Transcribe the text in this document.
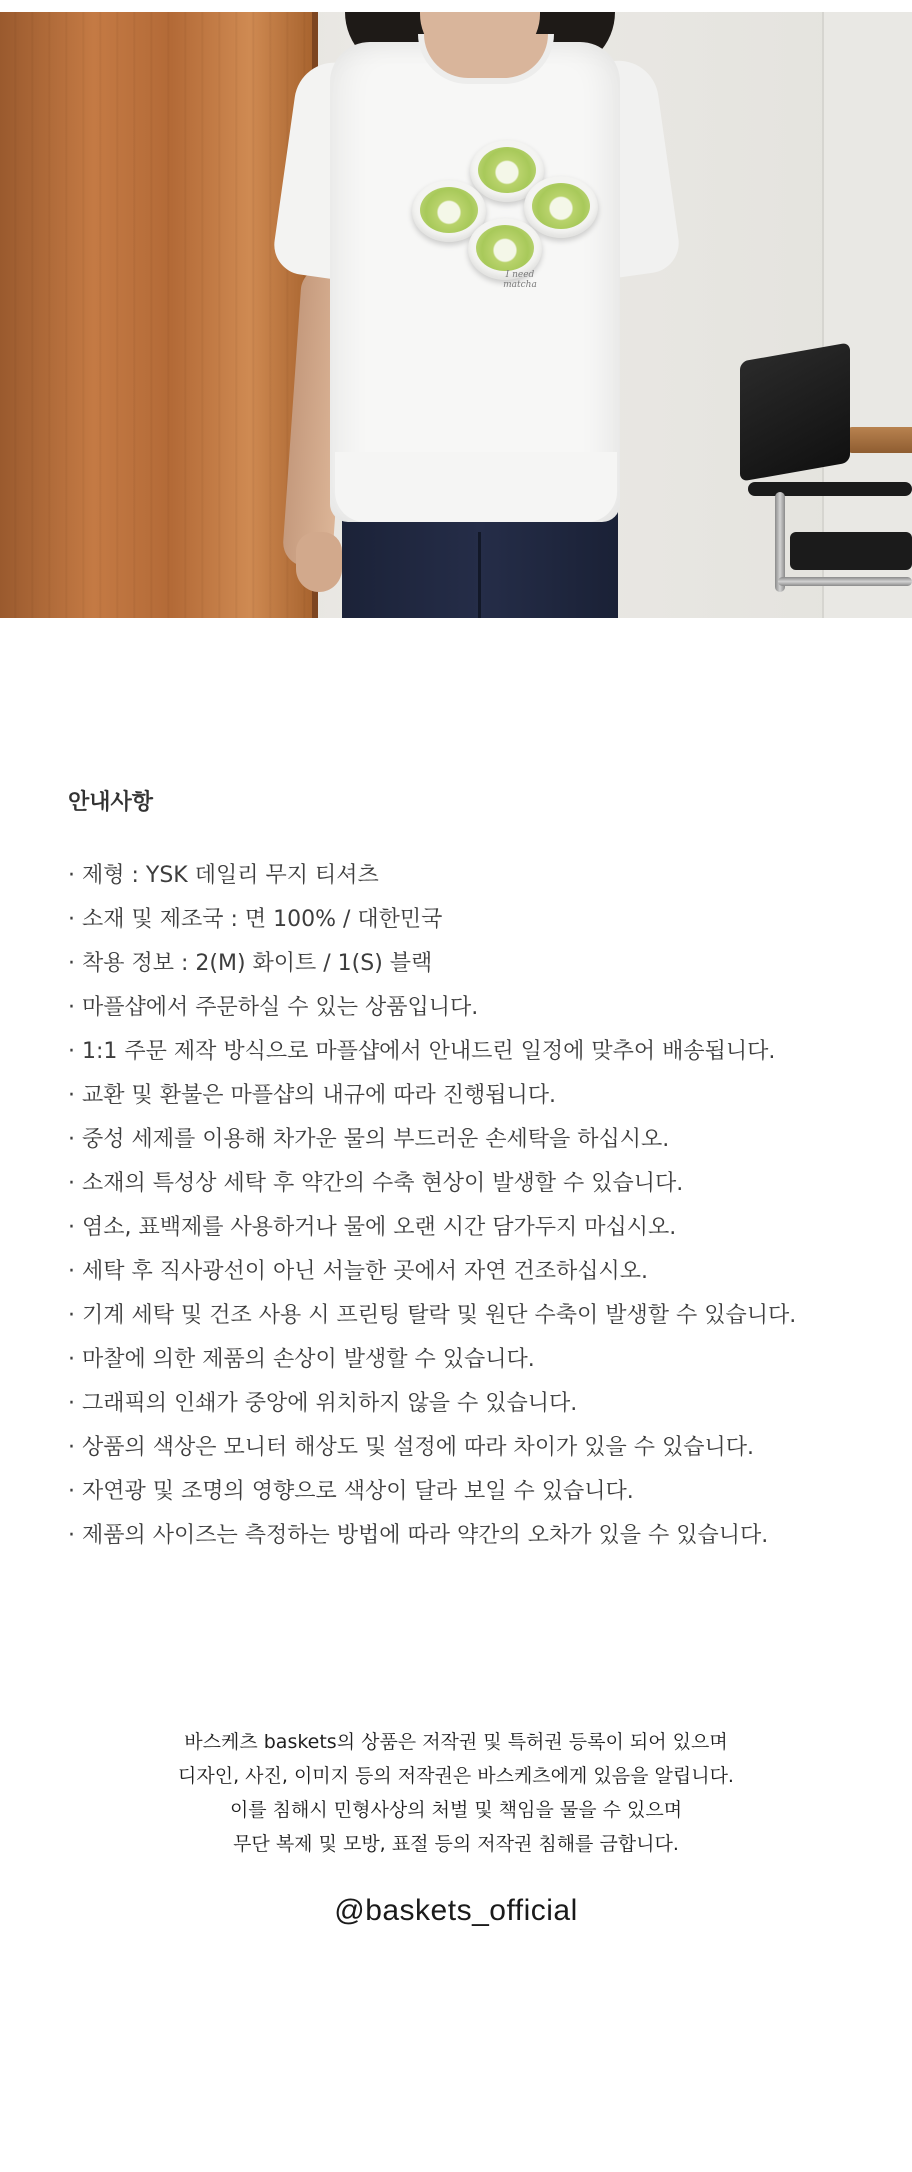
I need matcha
안내사항
· 제형 : YSK 데일리 무지 티셔츠
· 소재 및 제조국 : 면 100% / 대한민국
· 착용 정보 : 2(M) 화이트 / 1(S) 블랙
· 마플샵에서 주문하실 수 있는 상품입니다.
· 1:1 주문 제작 방식으로 마플샵에서 안내드린 일정에 맞추어 배송됩니다.
· 교환 및 환불은 마플샵의 내규에 따라 진행됩니다.
· 중성 세제를 이용해 차가운 물의 부드러운 손세탁을 하십시오.
· 소재의 특성상 세탁 후 약간의 수축 현상이 발생할 수 있습니다.
· 염소, 표백제를 사용하거나 물에 오랜 시간 담가두지 마십시오.
· 세탁 후 직사광선이 아닌 서늘한 곳에서 자연 건조하십시오.
· 기계 세탁 및 건조 사용 시 프린팅 탈락 및 원단 수축이 발생할 수 있습니다.
· 마찰에 의한 제품의 손상이 발생할 수 있습니다.
· 그래픽의 인쇄가 중앙에 위치하지 않을 수 있습니다.
· 상품의 색상은 모니터 해상도 및 설정에 따라 차이가 있을 수 있습니다.
· 자연광 및 조명의 영향으로 색상이 달라 보일 수 있습니다.
· 제품의 사이즈는 측정하는 방법에 따라 약간의 오차가 있을 수 있습니다.
바스케츠 baskets의 상품은 저작권 및 특허권 등록이 되어 있으며
디자인, 사진, 이미지 등의 저작권은 바스케츠에게 있음을 알립니다.
이를 침해시 민형사상의 처벌 및 책임을 물을 수 있으며
무단 복제 및 모방, 표절 등의 저작권 침해를 금합니다.
@baskets_official
